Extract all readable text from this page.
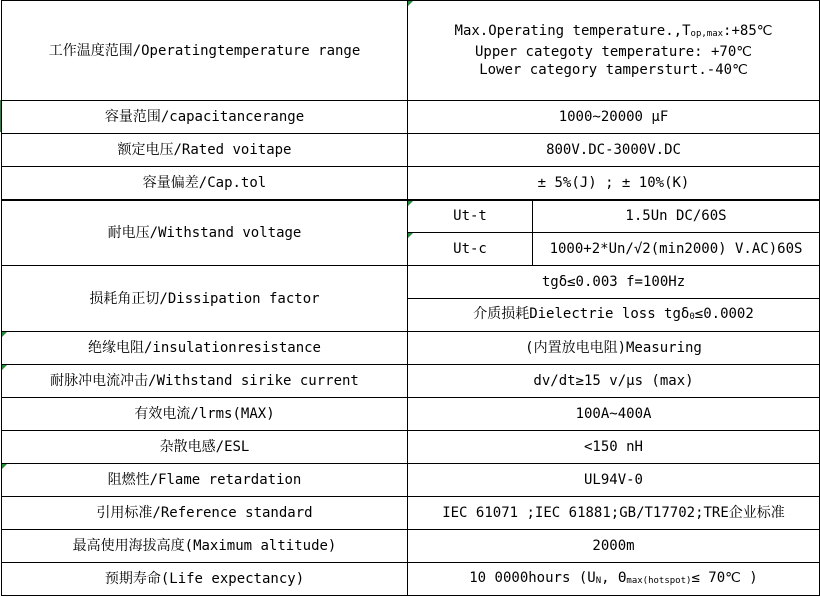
工作温度范围/Operatingtemperature range	Max.Operating $temperature.,T_{op,max}:+85℃$
Upper categoty temperature: +70℃
Lower category tampersturt.-40℃	

容量范围/capacitancerange	1000~20000 μF	
额定电压/Rated voitape	800V.DC-3000V.DC	
容量偏差/Cap.tol	± 5%(J) ; ± 10%(K)	
耐电压/Withstand voltage	Ut-t	1.5Un DC/60S

Ut-c	1000+2*Un/√2(min2000) V.AC)60S
损耗角正切/Dissipation factor	tgδ≤0.003 f=100Hz	
	介质损耗Dielectrie loss tgδ$_0$≤0.0002	

绝缘电阻/insulationresistance	(内置放电电阻)Measuring	

耐脉冲电流冲击/Withstand sirike current	dv/dt≥15 v/μs (max)	
有效电流/lrms(MAX)	100A~400A	
杂散电感/ESL	<150 nH	

阻燃性/Flame retardation	UL94V-0	
引用标准/Reference standard	IEC 61071 ;IEC 61881;GB/T17702;TRE企业标准	
最高使用海拔高度(Maximum altitude)	2000m	
预期寿命(Life expectancy)	10 0000hours ($U_N$, $\Theta_{max(hotspot)}\le$ 70℃ )	
